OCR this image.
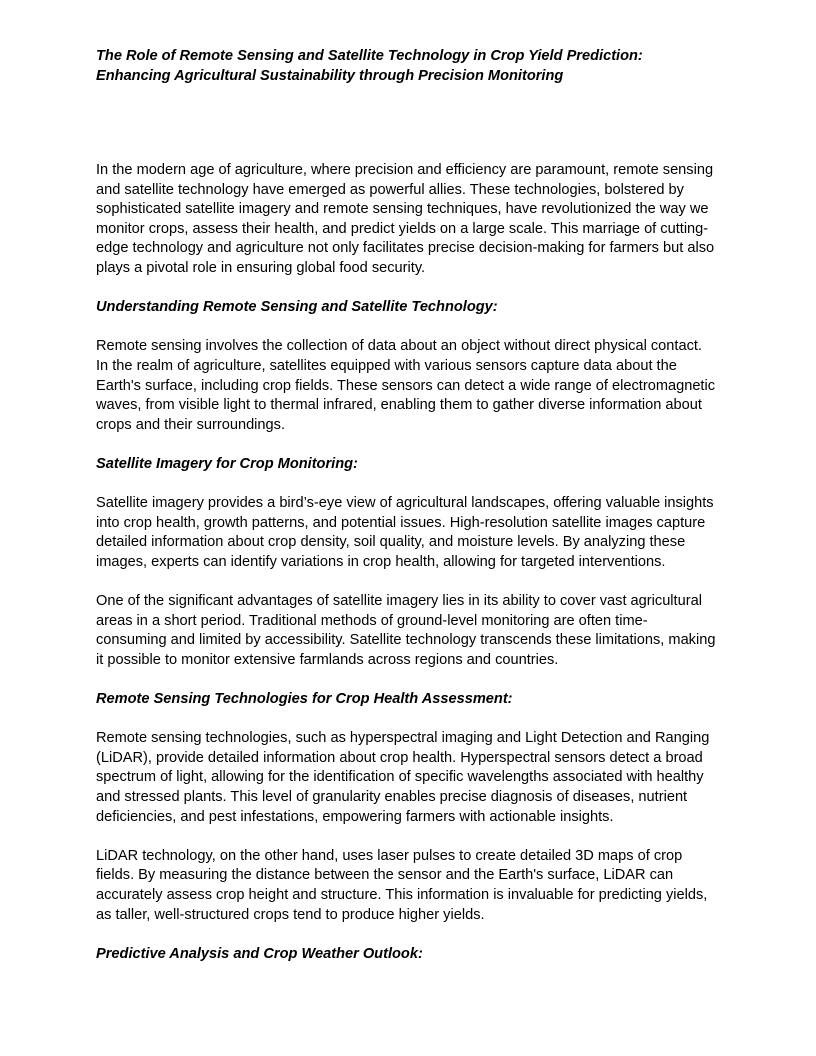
The Role of Remote Sensing and Satellite Technology in Crop Yield Prediction:
Enhancing Agricultural Sustainability through Precision Monitoring

In the modern age of agriculture, where precision and efficiency are paramount, remote sensing
and satellite technology have emerged as powerful allies. These technologies, bolstered by
sophisticated satellite imagery and remote sensing techniques, have revolutionized the way we
monitor crops, assess their health, and predict yields on a large scale. This marriage of cutting-
edge technology and agriculture not only facilitates precise decision-making for farmers but also
plays a pivotal role in ensuring global food security.

Understanding Remote Sensing and Satellite Technology:

Remote sensing involves the collection of data about an object without direct physical contact.
In the realm of agriculture, satellites equipped with various sensors capture data about the
Earth's surface, including crop fields. These sensors can detect a wide range of electromagnetic
waves, from visible light to thermal infrared, enabling them to gather diverse information about
crops and their surroundings.

Satellite Imagery for Crop Monitoring:

Satellite imagery provides a bird’s-eye view of agricultural landscapes, offering valuable insights
into crop health, growth patterns, and potential issues. High-resolution satellite images capture
detailed information about crop density, soil quality, and moisture levels. By analyzing these
images, experts can identify variations in crop health, allowing for targeted interventions.

One of the significant advantages of satellite imagery lies in its ability to cover vast agricultural
areas in a short period. Traditional methods of ground-level monitoring are often time-
consuming and limited by accessibility. Satellite technology transcends these limitations, making
it possible to monitor extensive farmlands across regions and countries.

Remote Sensing Technologies for Crop Health Assessment:

Remote sensing technologies, such as hyperspectral imaging and Light Detection and Ranging
(LiDAR), provide detailed information about crop health. Hyperspectral sensors detect a broad
spectrum of light, allowing for the identification of specific wavelengths associated with healthy
and stressed plants. This level of granularity enables precise diagnosis of diseases, nutrient
deficiencies, and pest infestations, empowering farmers with actionable insights.

LiDAR technology, on the other hand, uses laser pulses to create detailed 3D maps of crop
fields. By measuring the distance between the sensor and the Earth's surface, LiDAR can
accurately assess crop height and structure. This information is invaluable for predicting yields,
as taller, well-structured crops tend to produce higher yields.

Predictive Analysis and Crop Weather Outlook:
